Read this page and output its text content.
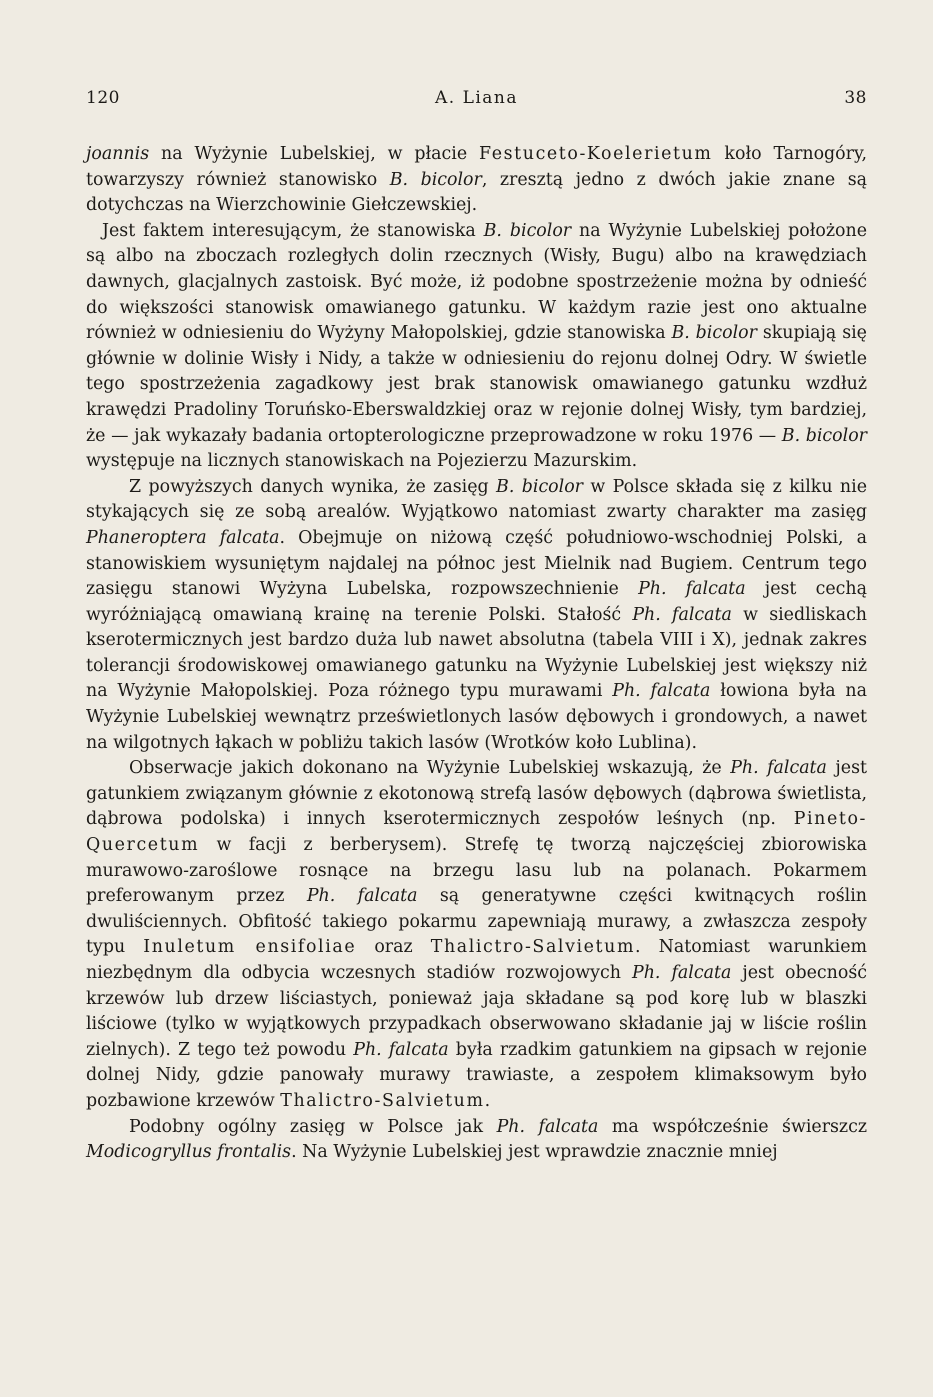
120	A. Liana	38

joannis na Wyżynie Lubelskiej, w płacie Festuceto-Koelerietum koło Tarnogóry, towarzyszy również stanowisko B. bicolor, zresztą jedno z dwóch jakie znane są dotychczas na Wierzchowinie Giełczewskiej.

Jest faktem interesującym, że stanowiska B. bicolor na Wyżynie Lubelskiej położone są albo na zboczach rozległych dolin rzecznych (Wisły, Bugu) albo na krawędziach dawnych, glacjalnych zastoisk. Być może, iż podobne spostrzeżenie można by odnieść do większości stanowisk omawianego gatunku. W każdym razie jest ono aktualne również w odniesieniu do Wyżyny Małopolskiej, gdzie stanowiska B. bicolor skupiają się głównie w dolinie Wisły i Nidy, a także w odniesieniu do rejonu dolnej Odry. W świetle tego spostrzeżenia zagadkowy jest brak stanowisk omawianego gatunku wzdłuż krawędzi Pradoliny Toruńsko-Eberswaldzkiej oraz w rejonie dolnej Wisły, tym bardziej, że — jak wykazały badania ortopterologiczne przeprowadzone w roku 1976 — B. bicolor występuje na licznych stanowiskach na Pojezierzu Mazurskim.

Z powyższych danych wynika, że zasięg B. bicolor w Polsce składa się z kilku nie stykających się ze sobą arealów. Wyjątkowo natomiast zwarty charakter ma zasięg Phaneroptera falcata. Obejmuje on niżową część południowo-wschodniej Polski, a stanowiskiem wysuniętym najdalej na północ jest Mielnik nad Bugiem. Centrum tego zasięgu stanowi Wyżyna Lubelska, rozpowszechnienie Ph. falcata jest cechą wyróżniającą omawianą krainę na terenie Polski. Stałość Ph. falcata w siedliskach kserotermicznych jest bardzo duża lub nawet absolutna (tabela VIII i X), jednak zakres tolerancji środowiskowej omawianego gatunku na Wyżynie Lubelskiej jest większy niż na Wyżynie Małopolskiej. Poza różnego typu murawami Ph. falcata łowiona była na Wyżynie Lubelskiej wewnątrz prześwietlonych lasów dębowych i grondowych, a nawet na wilgotnych łąkach w pobliżu takich lasów (Wrotków koło Lublina).

Obserwacje jakich dokonano na Wyżynie Lubelskiej wskazują, że Ph. falcata jest gatunkiem związanym głównie z ekotonową strefą lasów dębowych (dąbrowa świetlista, dąbrowa podolska) i innych kserotermicznych zespołów leśnych (np. Pineto-Quercetum w facji z berberysem). Strefę tę tworzą najczęściej zbiorowiska murawowo-zaroślowe rosnące na brzegu lasu lub na polanach. Pokarmem preferowanym przez Ph. falcata są generatywne części kwitnących roślin dwuliściennych. Obfitość takiego pokarmu zapewniają murawy, a zwłaszcza zespoły typu Inuletum ensifoliae oraz Thalictro-Salvietum. Natomiast warunkiem niezbędnym dla odbycia wczesnych stadiów rozwojowych Ph. falcata jest obecność krzewów lub drzew liściastych, ponieważ jaja składane są pod korę lub w blaszki liściowe (tylko w wyjątkowych przypadkach obserwowano składanie jaj w liście roślin zielnych). Z tego też powodu Ph. falcata była rzadkim gatunkiem na gipsach w rejonie dolnej Nidy, gdzie panowały murawy trawiaste, a zespołem klimaksowym było pozbawione krzewów Thalictro-Salvietum.

Podobny ogólny zasięg w Polsce jak Ph. falcata ma współcześnie świerszcz Modicogryllus frontalis. Na Wyżynie Lubelskiej jest wprawdzie znacznie mniej
